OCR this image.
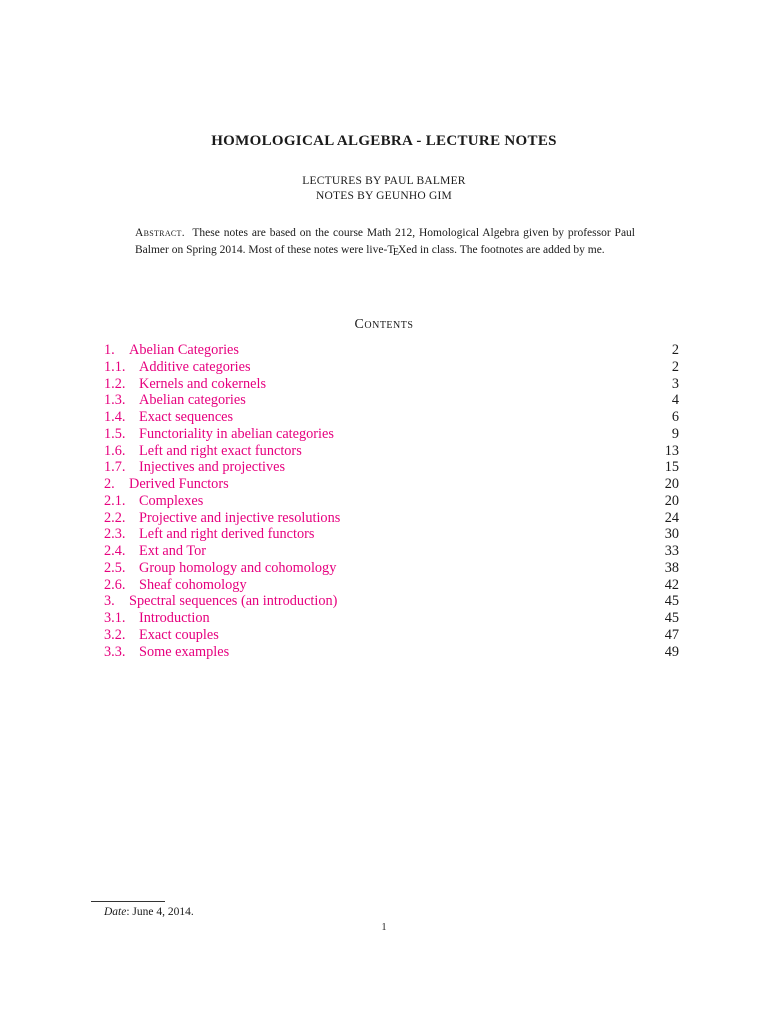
HOMOLOGICAL ALGEBRA - LECTURE NOTES
LECTURES BY PAUL BALMER
NOTES BY GEUNHO GIM
Abstract. These notes are based on the course Math 212, Homological Algebra given by professor Paul Balmer on Spring 2014. Most of these notes were live-$T_EXed$ in class. The footnotes are added by me.
Contents
1. Abelian Categories	2
1.1. Additive categories	2
1.2. Kernels and cokernels	3
1.3. Abelian categories	4
1.4. Exact sequences	6
1.5. Functoriality in abelian categories	9
1.6. Left and right exact functors	13
1.7. Injectives and projectives	15
2. Derived Functors	20
2.1. Complexes	20
2.2. Projective and injective resolutions	24
2.3. Left and right derived functors	30
2.4. Ext and Tor	33
2.5. Group homology and cohomology	38
2.6. Sheaf cohomology	42
3. Spectral sequences (an introduction)	45
3.1. Introduction	45
3.2. Exact couples	47
3.3. Some examples	49
Date: June 4, 2014.
1
